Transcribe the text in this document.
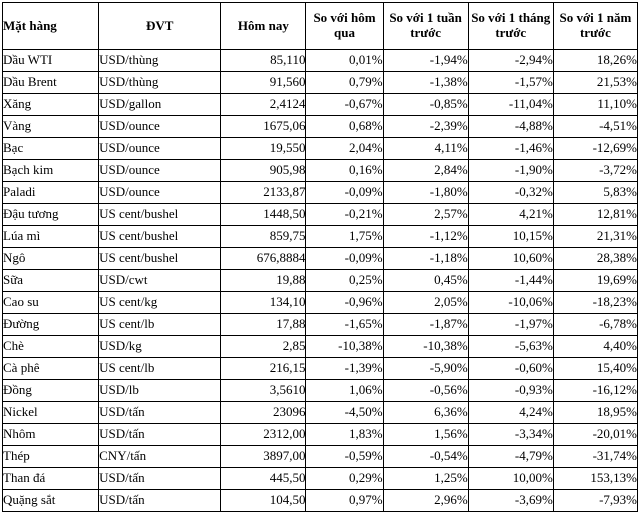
Mặt hàng	ĐVT	Hôm nay	So với hôm qua	So với 1 tuần trước	So với 1 tháng trước	So với 1 năm trước
Dầu WTI	USD/thùng	85,110	0,01%	-1,94%	-2,94%	18,26%
Dầu Brent	USD/thùng	91,560	0,79%	-1,38%	-1,57%	21,53%
Xăng	USD/gallon	2,4124	-0,67%	-0,85%	-11,04%	11,10%
Vàng	USD/ounce	1675,06	0,68%	-2,39%	-4,88%	-4,51%
Bạc	USD/ounce	19,550	2,04%	4,11%	-1,46%	-12,69%
Bạch kim	USD/ounce	905,98	0,16%	2,84%	-1,90%	-3,72%
Paladi	USD/ounce	2133,87	-0,09%	-1,80%	-0,32%	5,83%
Đậu tương	US cent/bushel	1448,50	-0,21%	2,57%	4,21%	12,81%
Lúa mì	US cent/bushel	859,75	1,75%	-1,12%	10,15%	21,31%
Ngô	US cent/bushel	676,8884	-0,09%	-1,18%	10,60%	28,38%
Sữa	USD/cwt	19,88	0,25%	0,45%	-1,44%	19,69%
Cao su	US cent/kg	134,10	-0,96%	2,05%	-10,06%	-18,23%
Đường	US cent/lb	17,88	-1,65%	-1,87%	-1,97%	-6,78%
Chè	USD/kg	2,85	-10,38%	-10,38%	-5,63%	4,40%
Cà phê	US cent/lb	216,15	-1,39%	-5,90%	-0,60%	15,40%
Đồng	USD/lb	3,5610	1,06%	-0,56%	-0,93%	-16,12%
Nickel	USD/tấn	23096	-4,50%	6,36%	4,24%	18,95%
Nhôm	USD/tấn	2312,00	1,83%	1,56%	-3,34%	-20,01%
Thép	CNY/tấn	3897,00	-0,59%	-0,54%	-4,79%	-31,74%
Than đá	USD/tấn	445,50	0,29%	1,25%	10,00%	153,13%
Quặng sắt	USD/tấn	104,50	0,97%	2,96%	-3,69%	-7,93%
